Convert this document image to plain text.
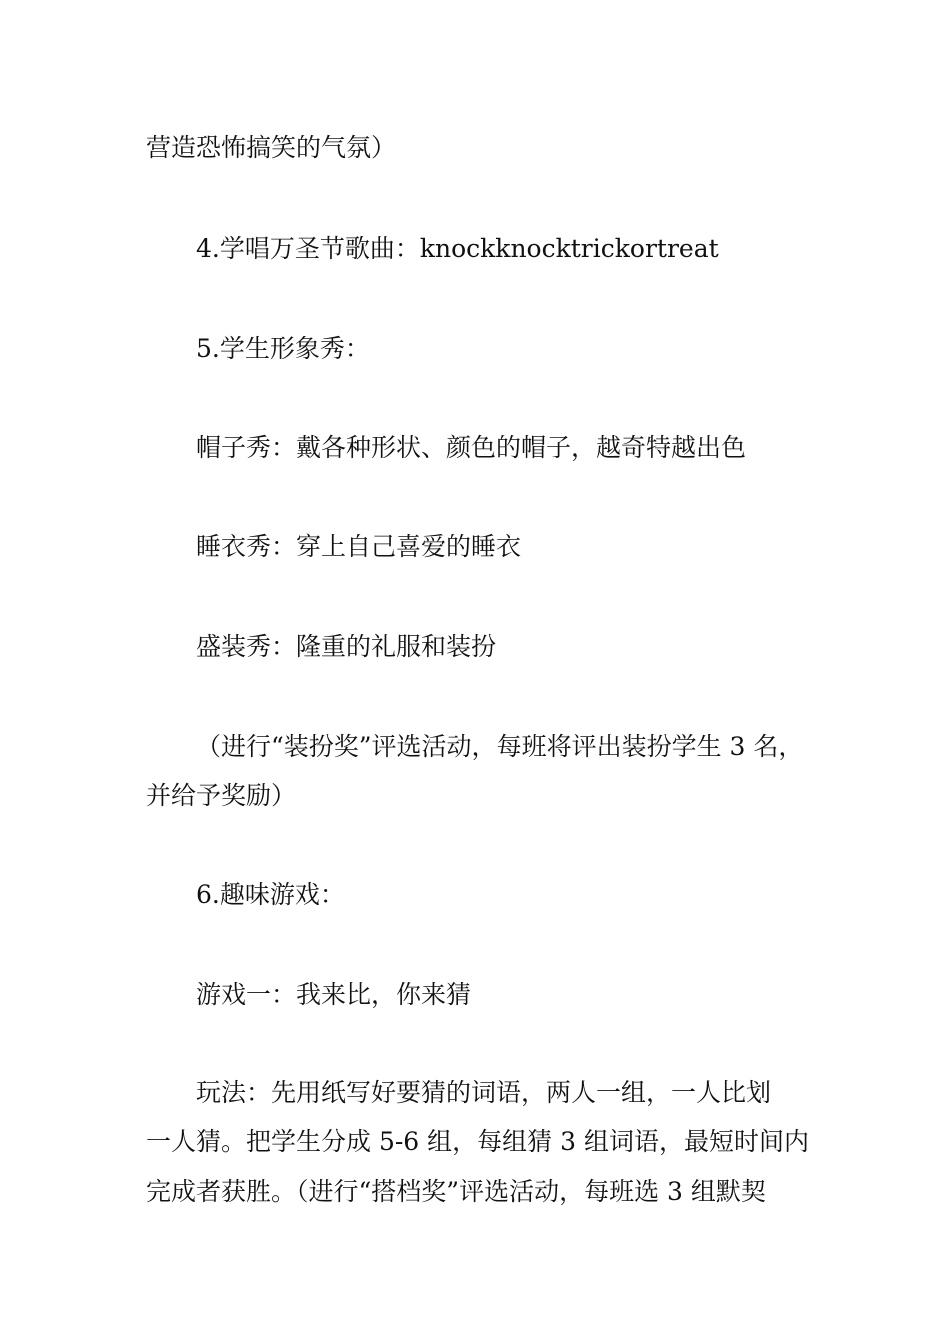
营造恐怖搞笑的气氛）
4.学唱万圣节歌曲：knockknocktrickortreat
5.学生形象秀：
帽子秀：戴各种形状、颜色的帽子，越奇特越出色
睡衣秀：穿上自己喜爱的睡衣
盛装秀：隆重的礼服和装扮
（进行“装扮奖”评选活动，每班将评出装扮学生 3 名，
并给予奖励）
6.趣味游戏：
游戏一：我来比，你来猜
玩法：先用纸写好要猜的词语，两人一组，一人比划
一人猜。把学生分成 5-6 组，每组猜 3 组词语，最短时间内
完成者获胜。（进行“搭档奖”评选活动，每班选 3 组默契
